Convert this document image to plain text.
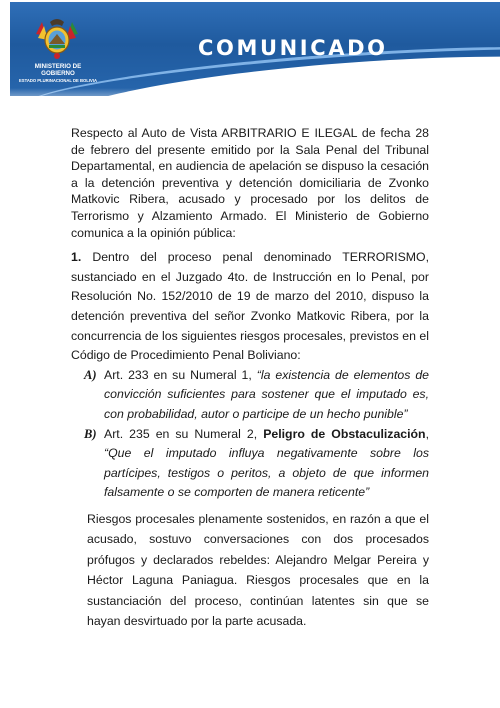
COMUNICADO
MINISTERIO DE GOBIERNO
ESTADO PLURINACIONAL DE BOLIVIA

Respecto al Auto de Vista ARBITRARIO E ILEGAL de fecha 28 de febrero del presente emitido por la Sala Penal del Tribunal Departamental, en audiencia de apelación se dispuso la cesación a la detención preventiva y detención domiciliaria de Zvonko Matkovic Ribera, acusado y procesado por los delitos de Terrorismo y Alzamiento Armado. El Ministerio de Gobierno comunica a la opinión pública:

1. Dentro del proceso penal denominado TERRORISMO, sustanciado en el Juzgado 4to. de Instrucción en lo Penal, por Resolución No. 152/2010 de 19 de marzo del 2010, dispuso la detención preventiva del señor Zvonko Matkovic Ribera, por la concurrencia de los siguientes riesgos procesales, previstos en el Código de Procedimiento Penal Boliviano:

A) Art. 233 en su Numeral 1, “la existencia de elementos de convicción suficientes para sostener que el imputado es, con probabilidad, autor o participe de un hecho punible”
B) Art. 235 en su Numeral 2, Peligro de Obstaculización, “Que el imputado influya negativamente sobre los partícipes, testigos o peritos, a objeto de que informen falsamente o se comporten de manera reticente”

Riesgos procesales plenamente sostenidos, en razón a que el acusado, sostuvo conversaciones con dos procesados prófugos y declarados rebeldes: Alejandro Melgar Pereira y Héctor Laguna Paniagua. Riesgos procesales que en la sustanciación del proceso, continúan latentes sin que se hayan desvirtuado por la parte acusada.
